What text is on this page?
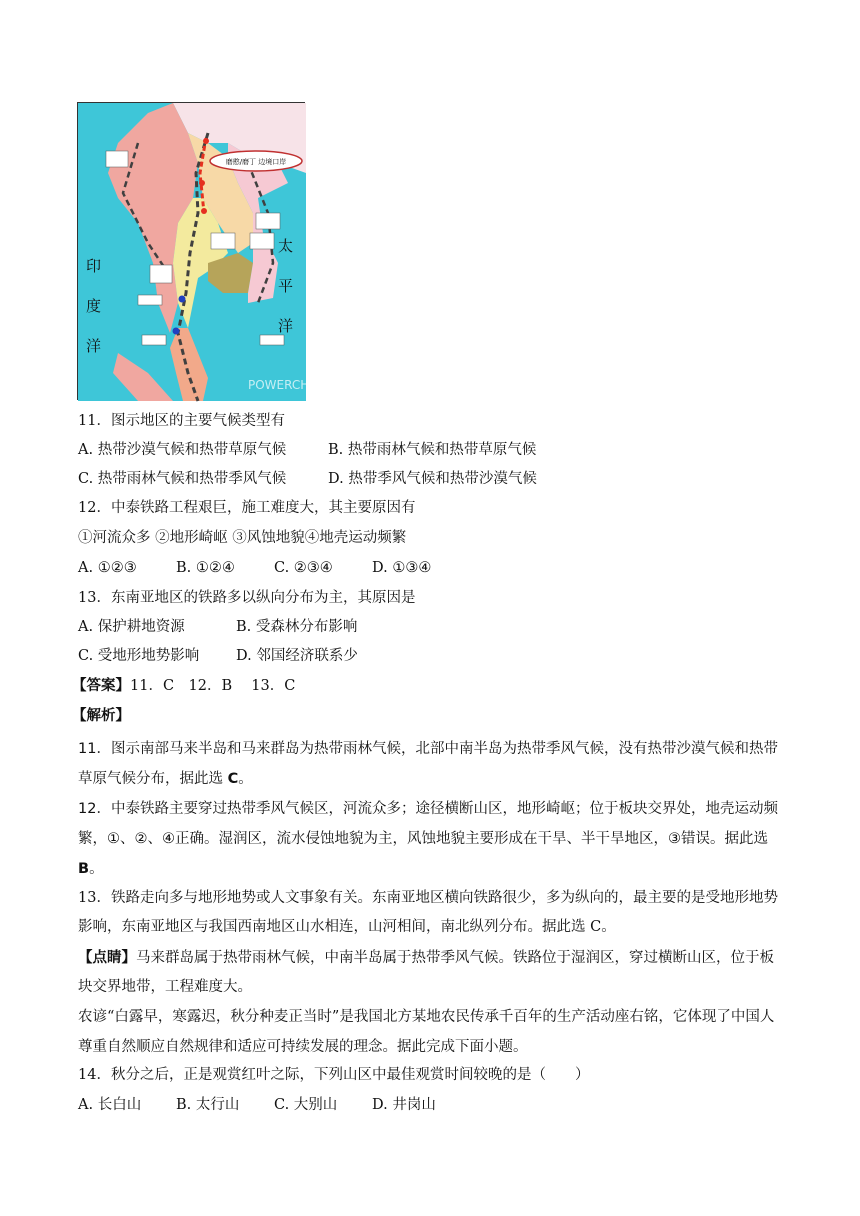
磨憨/磨丁 边境口岸
印
度
洋
太
平
洋
POWERCHINA
11．图示地区的主要气候类型有
A. 热带沙漠气候和热带草原气候	B. 热带雨林气候和热带草原气候
C. 热带雨林气候和热带季风气候	D. 热带季风气候和热带沙漠气候
12．中泰铁路工程艰巨，施工难度大，其主要原因有
①河流众多 ②地形崎岖 ③风蚀地貌④地壳运动频繁
A. ①②③	B. ①②④	C. ②③④	D. ①③④
13．东南亚地区的铁路多以纵向分布为主，其原因是
A. 保护耕地资源	B. 受森林分布影响
C. 受地形地势影响	D. 邻国经济联系少
【答案】11．C　12．B　 13．C
【解析】
11．图示南部马来半岛和马来群岛为热带雨林气候，北部中南半岛为热带季风气候，没有热带沙漠气候和热带草原气候分布，据此选 C。
12．中泰铁路主要穿过热带季风气候区，河流众多；途径横断山区，地形崎岖；位于板块交界处，地壳运动频繁，①、②、④正确。湿润区，流水侵蚀地貌为主，风蚀地貌主要形成在干旱、半干旱地区，③错误。据此选 B。
13．铁路走向多与地形地势或人文事象有关。东南亚地区横向铁路很少，多为纵向的，最主要的是受地形地势影响，东南亚地区与我国西南地区山水相连，山河相间，南北纵列分布。据此选 C。
【点睛】马来群岛属于热带雨林气候，中南半岛属于热带季风气候。铁路位于湿润区，穿过横断山区，位于板块交界地带，工程难度大。
农谚“白露早，寒露迟，秋分种麦正当时”是我国北方某地农民传承千百年的生产活动座右铭，它体现了中国人尊重自然顺应自然规律和适应可持续发展的理念。据此完成下面小题。
14．秋分之后，正是观赏红叶之际，下列山区中最佳观赏时间较晚的是（　　）
A. 长白山 B. 太行山 C. 大别山 D. 井岗山
